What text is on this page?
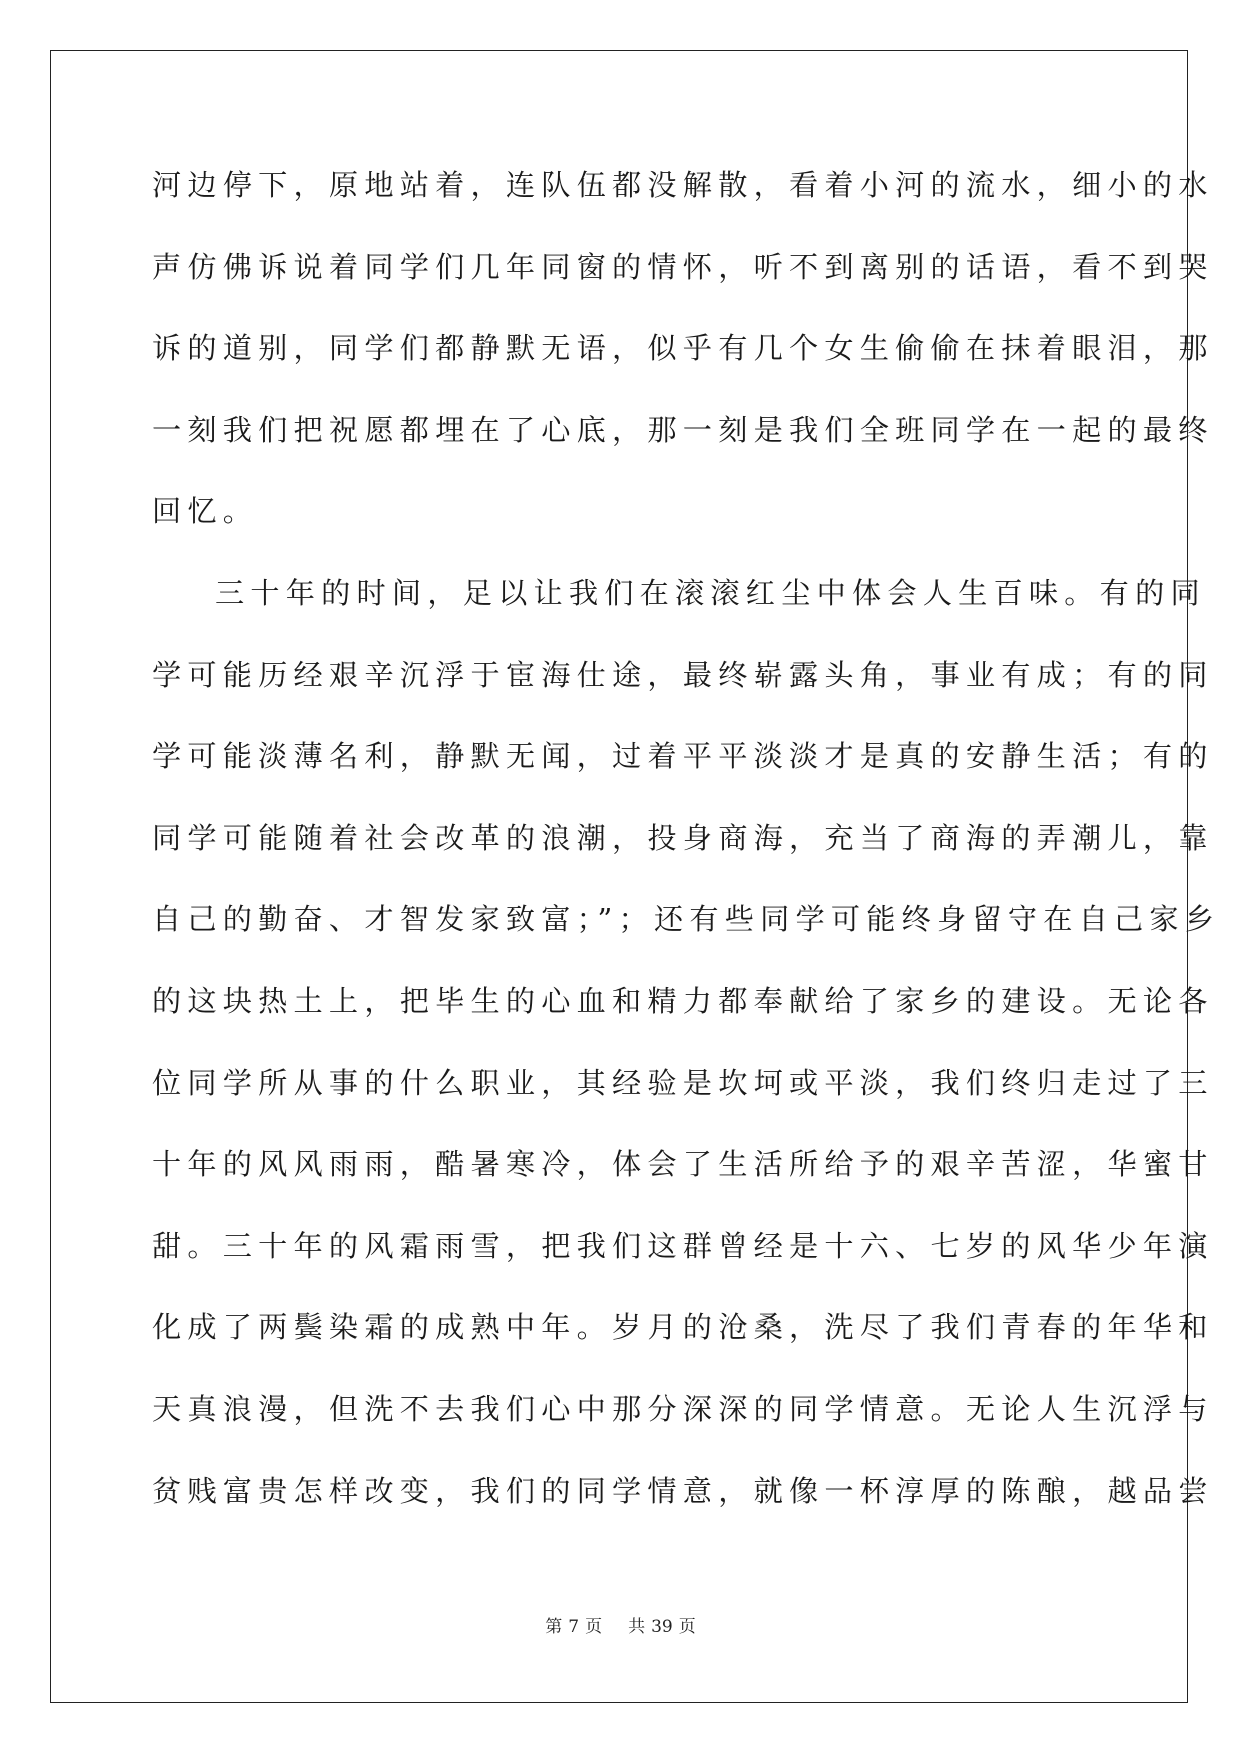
河边停下，原地站着，连队伍都没解散，看着小河的流水，细小的水
声仿佛诉说着同学们几年同窗的情怀，听不到离别的话语，看不到哭
诉的道别，同学们都静默无语，似乎有几个女生偷偷在抹着眼泪，那
一刻我们把祝愿都埋在了心底，那一刻是我们全班同学在一起的最终
回忆。
三十年的时间，足以让我们在滚滚红尘中体会人生百味。有的同
学可能历经艰辛沉浮于宦海仕途，最终崭露头角，事业有成；有的同
学可能淡薄名利，静默无闻，过着平平淡淡才是真的安静生活；有的
同学可能随着社会改革的浪潮，投身商海，充当了商海的弄潮儿，靠
自己的勤奋、才智发家致富；”；还有些同学可能终身留守在自己家乡
的这块热土上，把毕生的心血和精力都奉献给了家乡的建设。无论各
位同学所从事的什么职业，其经验是坎坷或平淡，我们终归走过了三
十年的风风雨雨，酷暑寒冷，体会了生活所给予的艰辛苦涩，华蜜甘
甜。三十年的风霜雨雪，把我们这群曾经是十六、七岁的风华少年演
化成了两鬓染霜的成熟中年。岁月的沧桑，洗尽了我们青春的年华和
天真浪漫，但洗不去我们心中那分深深的同学情意。无论人生沉浮与
贫贱富贵怎样改变，我们的同学情意，就像一杯淳厚的陈酿，越品尝
第 7 页 共 39 页
